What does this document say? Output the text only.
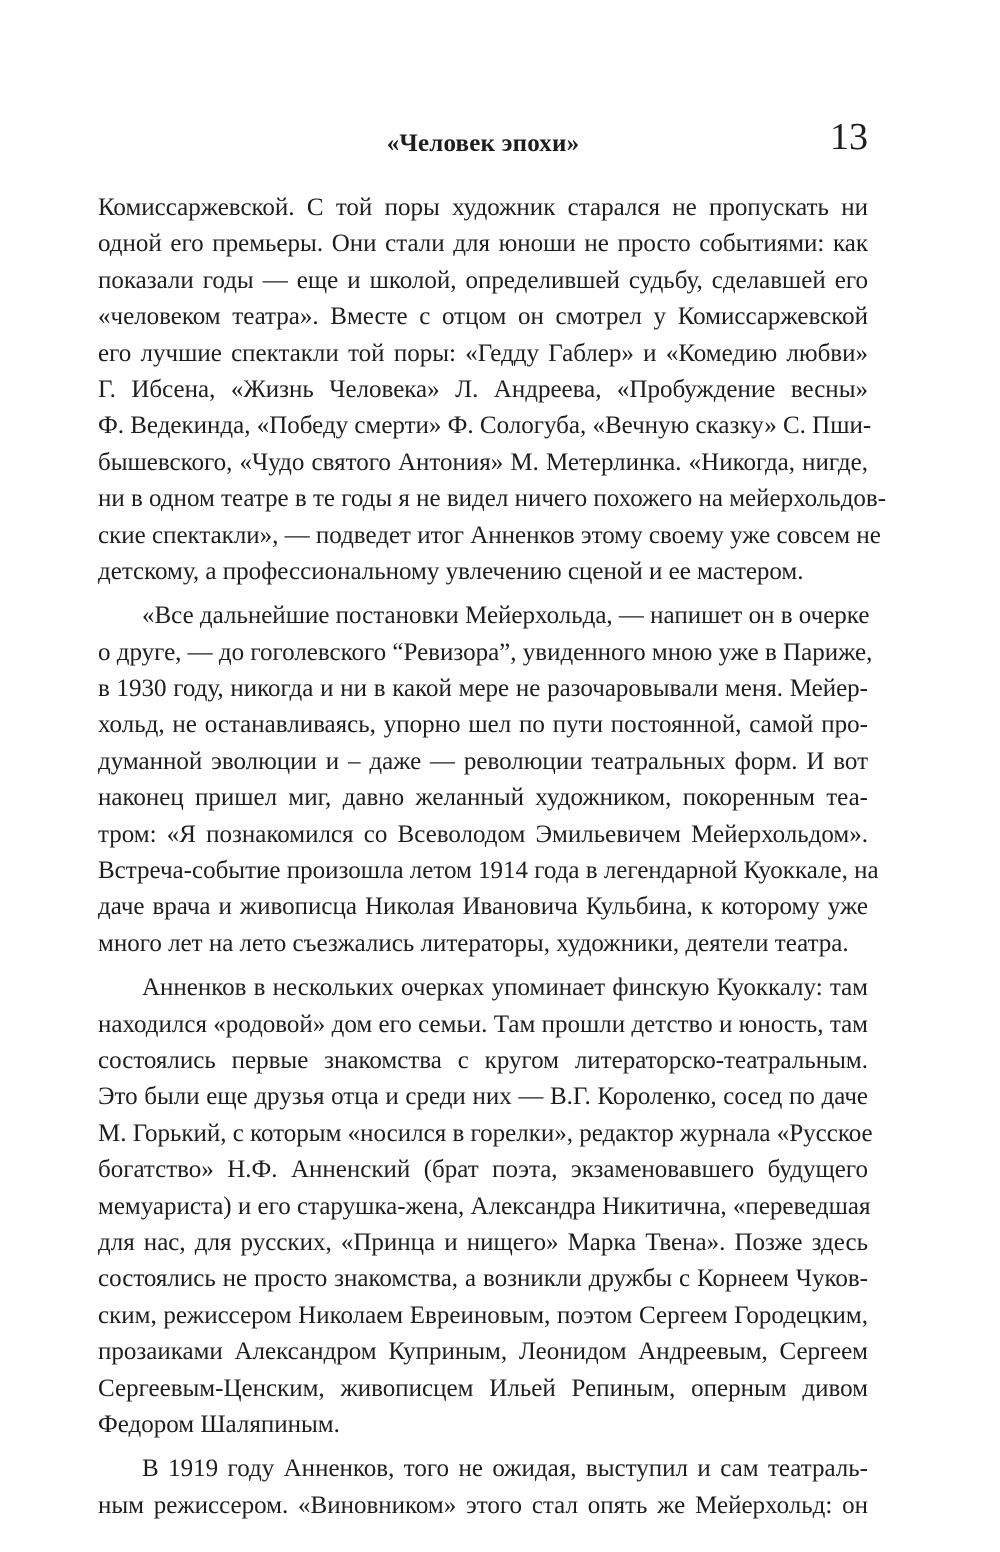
«Человек эпохи»	13
Комиссаржевской. С той поры художник старался не пропускать ни
одной его премьеры. Они стали для юноши не просто событиями: как
показали годы — еще и школой, определившей судьбу, сделавшей его
«человеком театра». Вместе с отцом он смотрел у Комиссаржевской
его лучшие спектакли той поры: «Гедду Габлер» и «Комедию любви»
Г. Ибсена, «Жизнь Человека» Л. Андреева, «Пробуждение весны»
Ф. Ведекинда, «Победу смерти» Ф. Сологуба, «Вечную сказку» С. Пши-
бышевского, «Чудо святого Антония» М. Метерлинка. «Никогда, нигде,
ни в одном театре в те годы я не видел ничего похожего на мейерхольдов-
ские спектакли», — подведет итог Анненков этому своему уже совсем не
детскому, а профессиональному увлечению сценой и ее мастером.
«Все дальнейшие постановки Мейерхольда, — напишет он в очерке
о друге, — до гоголевского “Ревизора”, увиденного мною уже в Париже,
в 1930 году, никогда и ни в какой мере не разочаровывали меня. Мейер-
хольд, не останавливаясь, упорно шел по пути постоянной, самой про-
думанной эволюции и – даже — революции театральных форм. И вот
наконец пришел миг, давно желанный художником, покоренным теа-
тром: «Я познакомился со Всеволодом Эмильевичем Мейерхольдом».
Встреча-событие произошла летом 1914 года в легендарной Куоккале, на
даче врача и живописца Николая Ивановича Кульбина, к которому уже
много лет на лето съезжались литераторы, художники, деятели театра.
Анненков в нескольких очерках упоминает финскую Куоккалу: там
находился «родовой» дом его семьи. Там прошли детство и юность, там
состоялись первые знакомства с кругом литераторско-театральным.
Это были еще друзья отца и среди них — В.Г. Короленко, сосед по даче
М. Горький, с которым «носился в горелки», редактор журнала «Русское
богатство» Н.Ф. Анненский (брат поэта, экзаменовавшего будущего
мемуариста) и его старушка-жена, Александра Никитична, «переведшая
для нас, для русских, «Принца и нищего» Марка Твена». Позже здесь
состоялись не просто знакомства, а возникли дружбы с Корнеем Чуков-
ским, режиссером Николаем Евреиновым, поэтом Сергеем Городецким,
прозаиками Александром Куприным, Леонидом Андреевым, Сергеем
Сергеевым-Ценским, живописцем Ильей Репиным, оперным дивом
Федором Шаляпиным.
В 1919 году Анненков, того не ожидая, выступил и сам театраль-
ным режиссером. «Виновником» этого стал опять же Мейерхольд: он
